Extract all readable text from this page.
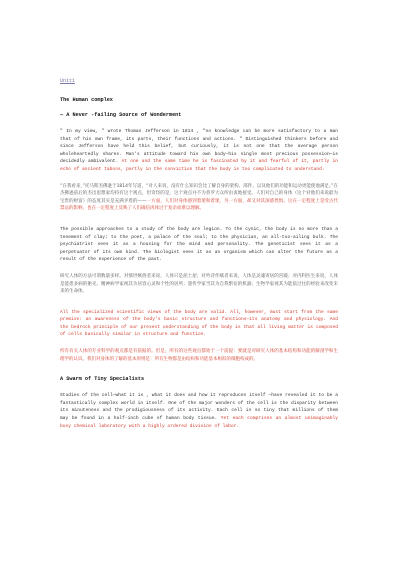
Unit1
The Human complex
— A Never -failing Source of Wonderment

" In my view, " wrote Thomas Jefferson in 1814 , "no knowledge can be more satisfactory to a man that of his own frame, its parts, their functions and actions. " Distinguished thinkers before and since Jefferson have held this belief, but curiously, it is not one that the average person wholeheartedly shares. Man's attitude toward his own body—his single most precious possession—is decidedly ambivalent. At one and the same time he is fascinated by it and fearful of it, partly in echo of ancient taboos, partly in the conviction that the body is too complicated to understand.

“在我看来，”托马斯杰佛逊于1814年写道，“对人来说，没有什么知识会比了解自身的架构、部件、以及他们的功能和运动更能使他满足。”在杰佛逊前后的杰出思想家均持有这个观点，但奇怪的是，这个观点并不为普罗大众所由衷地接受。人们对自己的身体（这个对他们来说最为宝贵的财富）的态度其实是充满矛盾的——一方面，人们对身体感到着迷和着迷，另一方面，却又对其深感畏惧。这在一定程度上是受古代禁忌的影响，也在一定程度上反映了人们确信肉体过于复杂而难以理解。

The possible approaches to a study of the body are legion. To the cynic, the body is no more than a tenement of clay; to the poet, a palace of the soul; to the physician, an all-too-ailing bulk. The psychiatrist sees it as a housing for the mind and personality. The geneticist sees it as a perpetuator of its own kind. The biologist sees it as an organism which can alter the future as a result of the experience of the past.

研究人体的方法可谓数量多样。对愤世嫉俗者来说，人体只是泥土屋；对吟诗作赋者来说，人体是灵魂寄居的宫殿；对内科医生来说，人体是能患多病的躯壳。精神病学家视其为居容心灵和个性的居所；遗传学家当其为自我繁衍的机器；生物学家视其为能依过往的经验来改变未来的生命体。

All the specialized scientific views of the body are valid. All, however, must start from the same premise: an awareness of the body's basic structure and functions—its anatomy and physiology. And the bedrock principle of our present understanding of the body is that all living matter is composed of cells basically similar in structure and function.

所有有关人体的专业科学的观点都是有依据的。但是，所有的这些观点都始于一个前提：要就是对研究人体的基本结构和功能的解剖学和生理学的认识。我们对身体的了解的基本原则是：所有生物都是由结构和功能基本相似的细胞构成的。

A Swarm of Tiny Specialists

Studies of the cell—what it is , what it does and how it reproduces itself —have revealed it to be a fantastically complex world in itself. One of the major wonders of the cell is the disparity between its minuteness and the prodigiousness of its activity. Each cell is so tiny that millions of them may be found in a half-inch cube of human body tissue. Yet each comprises an almost unimaginably busy chemical laboratory with a highly ordered division of labor.
